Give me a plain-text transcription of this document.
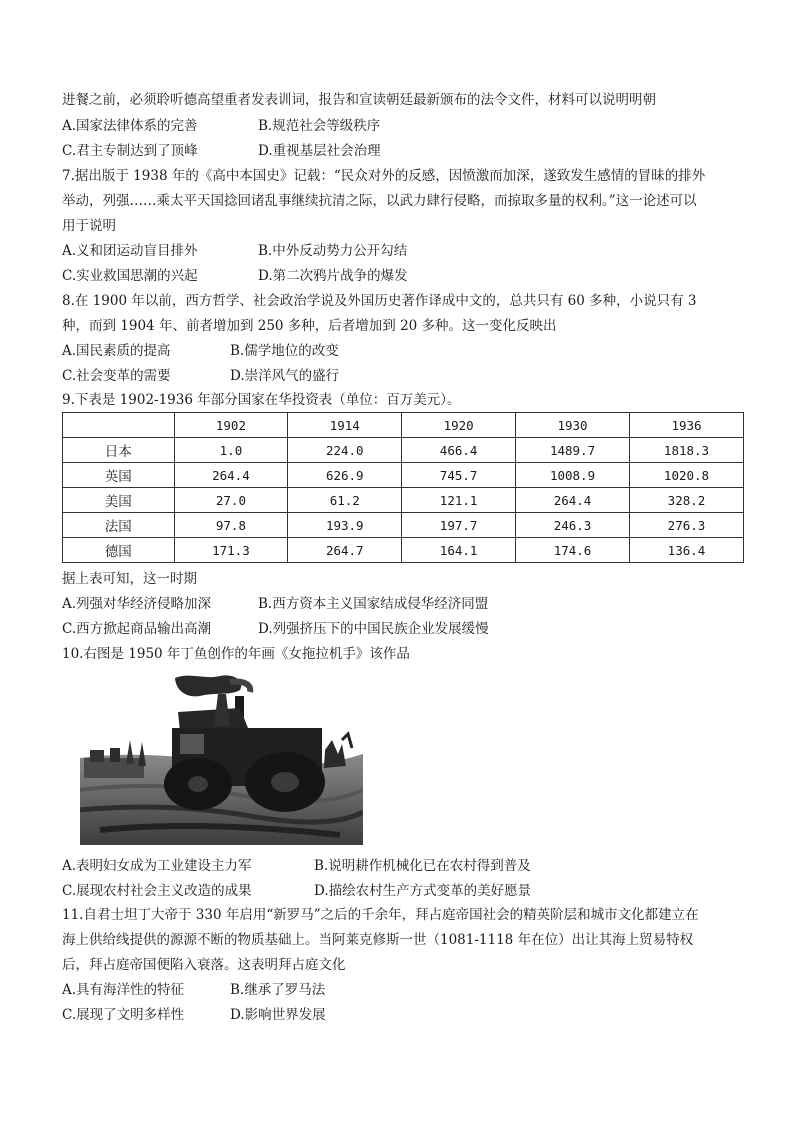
进餐之前，必须聆听德高望重者发表训词，报告和宣读朝廷最新颁布的法令文件，材料可以说明明朝
A.国家法律体系的完善	B.规范社会等级秩序
C.君主专制达到了顶峰	D.重视基层社会治理
7.据出版于 1938 年的《高中本国史》记载：“民众对外的反感，因愤激而加深，遂致发生感情的冒昧的排外
举动，列强……乘太平天国捻回诸乱事继续抗清之际，以武力肆行侵略，而掠取多量的权利。”这一论述可以
用于说明
A.义和团运动盲目排外	B.中外反动势力公开勾结
C.实业救国思潮的兴起	D.第二次鸦片战争的爆发
8.在 1900 年以前，西方哲学、社会政治学说及外国历史著作译成中文的，总共只有 60 多种，小说只有 3
种，而到 1904 年、前者增加到 250 多种，后者增加到 20 多种。这一变化反映出
A.国民素质的提高	B.儒学地位的改变
C.社会变革的需要	D.崇洋风气的盛行
9.下表是 1902-1936 年部分国家在华投资表（单位：百万美元）。
	1902	1914	1920	1930	1936
日本	1.0	224.0	466.4	1489.7	1818.3
英国	264.4	626.9	745.7	1008.9	1020.8
美国	27.0	61.2	121.1	264.4	328.2
法国	97.8	193.9	197.7	246.3	276.3
德国	171.3	264.7	164.1	174.6	136.4
据上表可知，这一时期
A.列强对华经济侵略加深	B.西方资本主义国家结成侵华经济同盟
C.西方掀起商品输出高潮	D.列强挤压下的中国民族企业发展缓慢
10.右图是 1950 年丁鱼创作的年画《女拖拉机手》该作品
A.表明妇女成为工业建设主力军	B.说明耕作机械化已在农村得到普及
C.展现农村社会主义改造的成果	D.描绘农村生产方式变革的美好愿景
11.自君士坦丁大帝于 330 年启用“新罗马”之后的千余年，拜占庭帝国社会的精英阶层和城市文化都建立在
海上供给线提供的源源不断的物质基础上。当阿莱克修斯一世（1081-1118 年在位）出让其海上贸易特权
后，拜占庭帝国便陷入衰落。这表明拜占庭文化
A.具有海洋性的特征	B.继承了罗马法
C.展现了文明多样性	D.影响世界发展
